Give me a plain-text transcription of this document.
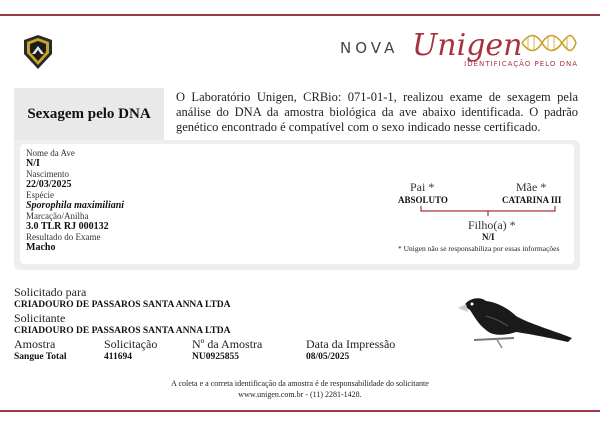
NOVA Unigen
IDENTIFICAÇÃO PELO DNA
Sexagem pelo DNA
O Laboratório Unigen, CRBio: 071-01-1, realizou exame de sexagem pela análise do DNA da amostra biológica da ave abaixo identificada. O padrão genético encontrado é compatível com o sexo indicado nesse certificado.
Nome da Ave
N/I
Nascimento
22/03/2025
Espécie
Sporophila maximiliani
Marcação/Anilha
3.0 TLR RJ 000132
Resultado do Exame
Macho
Pai *	Mãe *
ABSOLUTO	CATARINA III
Filho(a) *
N/I
* Unigen não se responsabiliza por essas informações
Solicitado para
CRIADOURO DE PASSAROS SANTA ANNA LTDA
Solicitante
CRIADOURO DE PASSAROS SANTA ANNA LTDA
Amostra
Sangue Total
Solicitação
411694
Nº da Amostra
NU0925855
Data da Impressão
08/05/2025
A coleta e a correta identificação da amostra é de responsabilidade do solicitante
www.unigen.com.br - (11) 2281-1428.
